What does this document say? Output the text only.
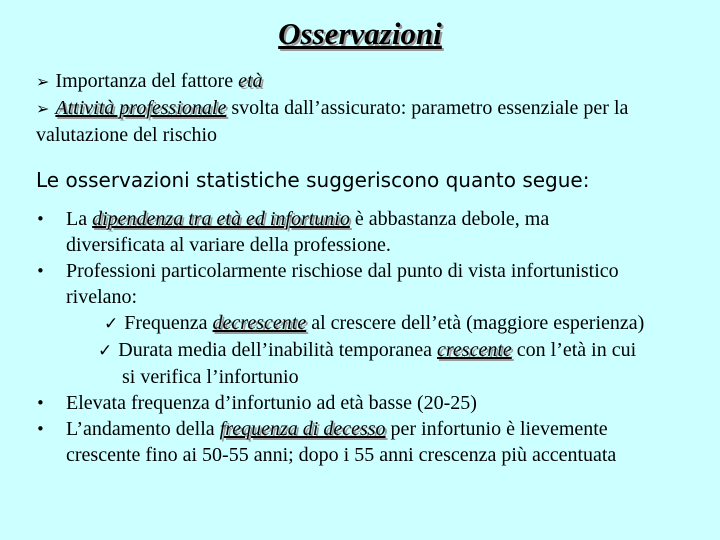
Osservazioni
➢ Importanza del fattore età
➢ Attività professionale svolta dall’assicurato: parametro essenziale per la
valutazione del rischio
Le osservazioni statistiche suggeriscono quanto segue:
•	La dipendenza tra età ed infortunio è abbastanza debole, ma
diversificata al variare della professione.
•	Professioni particolarmente rischiose dal punto di vista infortunistico
rivelano:
✓ Frequenza decrescente al crescere dell’età (maggiore esperienza)
✓ Durata media dell’inabilità temporanea crescente con l’età in cui
si verifica l’infortunio
•	Elevata frequenza d’infortunio ad età basse (20-25)
•	L’andamento della frequenza di decesso per infortunio è lievemente
crescente fino ai 50-55 anni; dopo i 55 anni crescenza più accentuata
